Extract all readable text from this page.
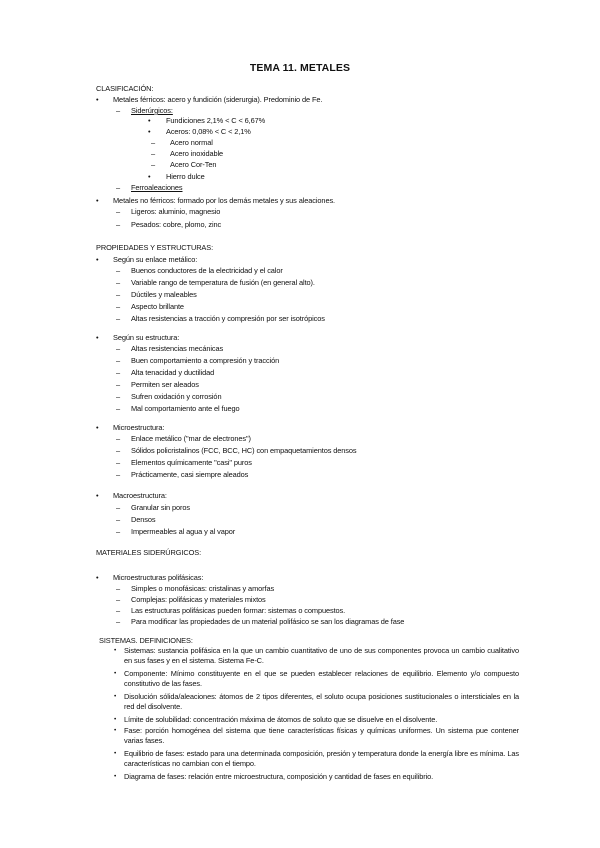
TEMA 11. METALES
CLASIFICACIÓN:
• Metales férricos: acero y fundición (siderurgia). Predominio de Fe.
– Siderúrgicos:
• Fundiciones 2,1% < C < 6,67%
• Aceros: 0,08% < C < 2,1%
– Acero normal
– Acero inoxidable
– Acero Cor-Ten
• Hierro dulce
– Ferroaleaciones
• Metales no férricos: formado por los demás metales y sus aleaciones.
– Ligeros: aluminio, magnesio
– Pesados: cobre, plomo, zinc
PROPIEDADES Y ESTRUCTURAS:
• Según su enlace metálico:
– Buenos conductores de la electricidad y el calor
– Variable rango de temperatura de fusión (en general alto).
– Dúctiles y maleables
– Aspecto brillante
– Altas resistencias a tracción y compresión por ser isotrópicos
• Según su estructura:
– Altas resistencias mecánicas
– Buen comportamiento a compresión y tracción
– Alta tenacidad y ductilidad
– Permiten ser aleados
– Sufren oxidación y corrosión
– Mal comportamiento ante el fuego
• Microestructura:
– Enlace metálico ("mar de electrones")
– Sólidos policristalinos (FCC, BCC, HC) con empaquetamientos densos
– Elementos químicamente "casi" puros
– Prácticamente, casi siempre aleados
• Macroestructura:
– Granular sin poros
– Densos
– Impermeables al agua y al vapor
MATERIALES SIDERÚRGICOS:
• Microestructuras polifásicas:
– Simples o monofásicas: cristalinas y amorfas
– Complejas: polifásicas y materiales mixtos
– Las estructuras polifásicas pueden formar: sistemas o compuestos.
– Para modificar las propiedades de un material polifásico se san los diagramas de fase
SISTEMAS. DEFINICIONES:
• Sistemas: sustancia polifásica en la que un cambio cuantitativo de uno de sus componentes provoca un cambio cualitativo en sus fases y en el sistema. Sistema Fe-C.
• Componente: Mínimo constituyente en el que se pueden establecer relaciones de equilibrio. Elemento y/o compuesto constitutivo de las fases.
• Disolución sólida/aleaciones: átomos de 2 tipos diferentes, el soluto ocupa posiciones sustitucionales o intersticiales en la red del disolvente.
• Límite de solubilidad: concentración máxima de átomos de soluto que se disuelve en el disolvente.
• Fase: porción homogénea del sistema que tiene características físicas y químicas uniformes. Un sistema pue contener varias fases.
• Equilibrio de fases: estado para una determinada composición, presión y temperatura donde la energía libre es mínima. Las características no cambian con el tiempo.
• Diagrama de fases: relación entre microestructura, composición y cantidad de fases en equilibrio.
